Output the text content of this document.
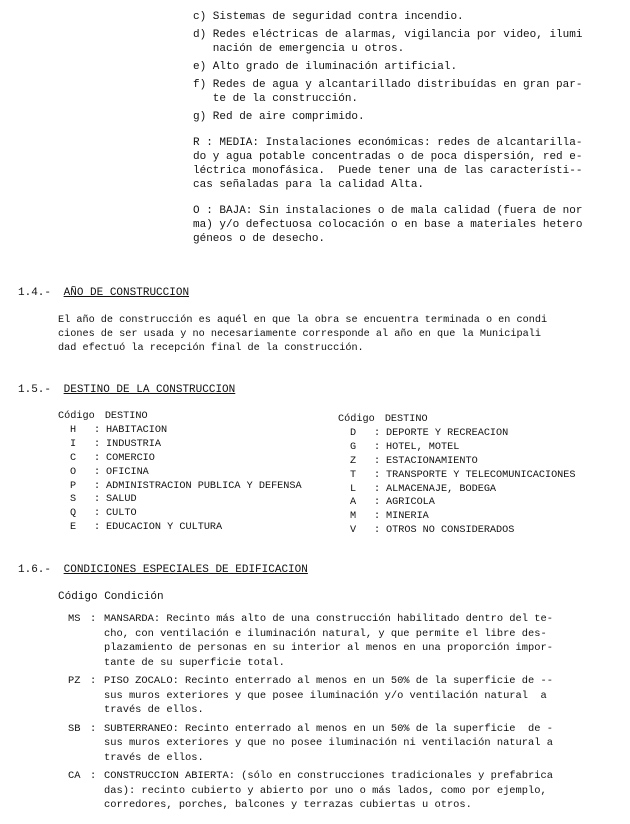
c) Sistemas de seguridad contra incendio.
d) Redes eléctricas de alarmas, vigilancia por video, ilumi
nación de emergencia u otros.
e) Alto grado de iluminación artificial.
f) Redes de agua y alcantarillado distribuídas en gran par-
te de la construcción.
g) Red de aire comprimido.
R : MEDIA: Instalaciones económicas: redes de alcantarilla-
do y agua potable concentradas o de poca dispersión, red e-
léctrica monofásica.  Puede tener una de las característi--
cas señaladas para la calidad Alta.
O : BAJA: Sin instalaciones o de mala calidad (fuera de nor
ma) y/o defectuosa colocación o en base a materiales hetero
géneos o de desecho.
1.4.- AÑO DE CONSTRUCCION
El año de construcción es aquél en que la obra se encuentra terminada o en condi
ciones de ser usada y no necesariamente corresponde al año en que la Municipali
dad efectuó la recepción final de la construcción.
1.5.- DESTINO DE LA CONSTRUCCION
Código DESTINO
H : HABITACION
I : INDUSTRIA
C : COMERCIO
O : OFICINA
P : ADMINISTRACION PUBLICA Y DEFENSA
S : SALUD
Q : CULTO
E : EDUCACION Y CULTURA
Código DESTINO
D : DEPORTE Y RECREACION
G : HOTEL, MOTEL
Z : ESTACIONAMIENTO
T : TRANSPORTE Y TELECOMUNICACIONES
L : ALMACENAJE, BODEGA
A : AGRICOLA
M : MINERIA
V : OTROS NO CONSIDERADOS
1.6.- CONDICIONES ESPECIALES DE EDIFICACION
Código Condición
MS : MANSARDA: Recinto más alto de una construcción habilitado dentro del te-
cho, con ventilación e iluminación natural, y que permite el libre des-
plazamiento de personas en su interior al menos en una proporción impor-
tante de su superficie total.
PZ : PISO ZOCALO: Recinto enterrado al menos en un 50% de la superficie de --
sus muros exteriores y que posee iluminación y/o ventilación natural  a
través de ellos.
SB : SUBTERRANEO: Recinto enterrado al menos en un 50% de la superficie  de -
sus muros exteriores y que no posee iluminación ni ventilación natural a
través de ellos.
CA : CONSTRUCCION ABIERTA: (sólo en construcciones tradicionales y prefabrica
das): recinto cubierto y abierto por uno o más lados, como por ejemplo,
corredores, porches, balcones y terrazas cubiertas u otros.
